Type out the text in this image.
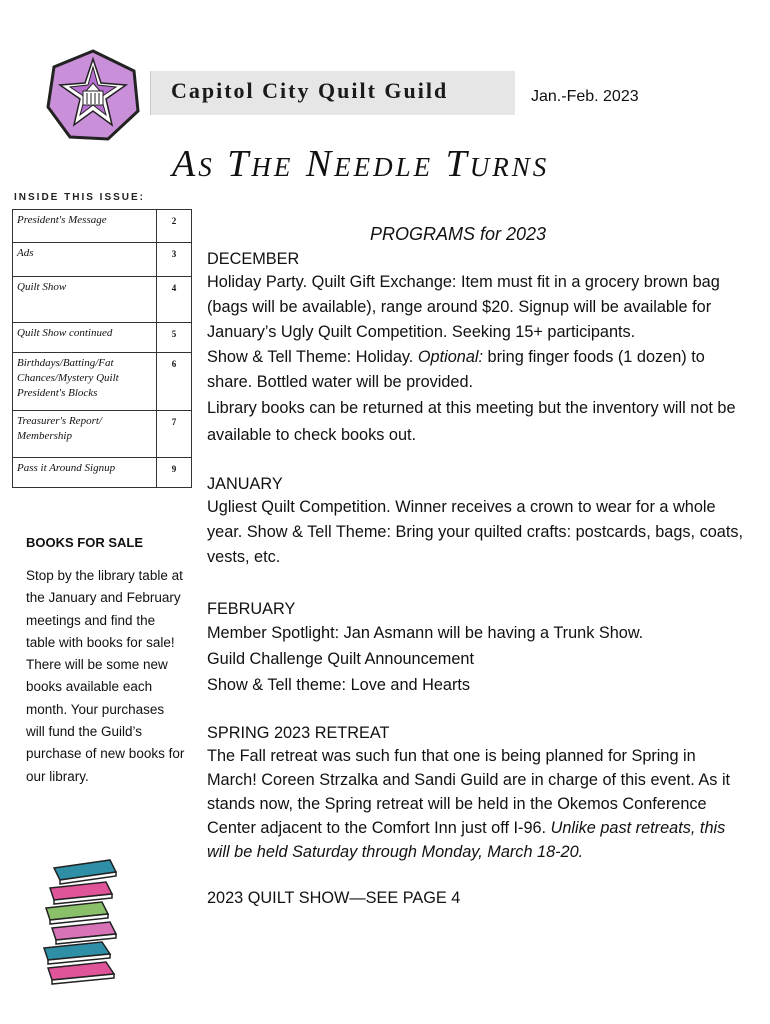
Capitol City Quilt Guild	Jan.-Feb. 2023
As The Needle Turns
INSIDE THIS ISSUE:
President's Message	2
Ads	3
Quilt Show	4
Quilt Show continued	5
Birthdays/Batting/Fat Chances/Mystery Quilt President's Blocks	6
Treasurer's Report/ Membership	7
Pass it Around Signup	9
BOOKS FOR SALE
Stop by the library table at the January and February meetings and find the table with books for sale! There will be some new books available each month. Your purchases will fund the Guild’s purchase of new books for our library.
PROGRAMS for 2023
DECEMBER

Holiday Party. Quilt Gift Exchange: Item must fit in a grocery brown bag (bags will be available), range around $20. Signup will be available for January’s Ugly Quilt Competition. Seeking 15+ participants.

Show & Tell Theme: Holiday. Optional: bring finger foods (1 dozen) to share. Bottled water will be provided.

Library books can be returned at this meeting but the inventory will not be available to check books out.

JANUARY

Ugliest Quilt Competition. Winner receives a crown to wear for a whole year. Show & Tell Theme: Bring your quilted crafts: postcards, bags, coats, vests, etc.

FEBRUARY

Member Spotlight: Jan Asmann will be having a Trunk Show.

Guild Challenge Quilt Announcement

Show & Tell theme: Love and Hearts

SPRING 2023 RETREAT

The Fall retreat was such fun that one is being planned for Spring in March! Coreen Strzalka and Sandi Guild are in charge of this event. As it stands now, the Spring retreat will be held in the Okemos Conference Center adjacent to the Comfort Inn just off I-96. Unlike past retreats, this will be held Saturday through Monday, March 18-20.

2023 QUILT SHOW—SEE PAGE 4
